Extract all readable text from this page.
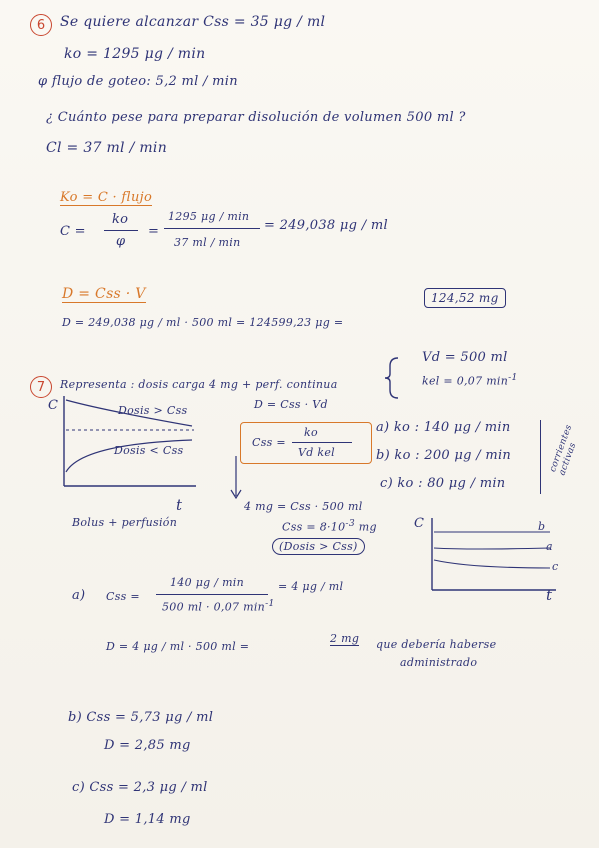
6 Se quiere alcanzar Css = 35 μg / ml
ko = 1295 μg / min
φ flujo de goteo: 5,2 ml / min
¿ Cuánto pese para preparar disolución de volumen 500 ml ?
Cl = 37 ml / min
Ko = C · flujo
C =
ko
φ
=
1295 μg / min
37 ml / min
= 249,038 μg / ml
D = Css · V
D = 249,038 μg / ml · 500 ml = 124599,23 μg =
124,52 mg
7 Representa : dosis carga 4 mg + perf. continua
Vd = 500 ml
kel = 0,07 $\min^{-1}$
C	Dosis > Css
Dosis < Css
t
Bolus + perfusión
D = Css · Vd
Css =
ko
Vd kel
a) ko : 140 μg / min
b) ko : 200 μg / min
c) ko : 80 μg / min
corrientes activas
4 mg = Css · 500 ml
Css = $8\cdot 10^{-3}$ mg
(Dosis > Css)
C	b
a
c
t
a) Css =
140 μg / min
500 ml · 0,07 $\min^{-1}$
= 4 μg / ml
D = 4 μg / ml · 500 ml =
2 mg que debería haberse
administrado
b) Css = 5,73 μg / ml
D = 2,85 mg
c) Css = 2,3 μg / ml
D = 1,14 mg
